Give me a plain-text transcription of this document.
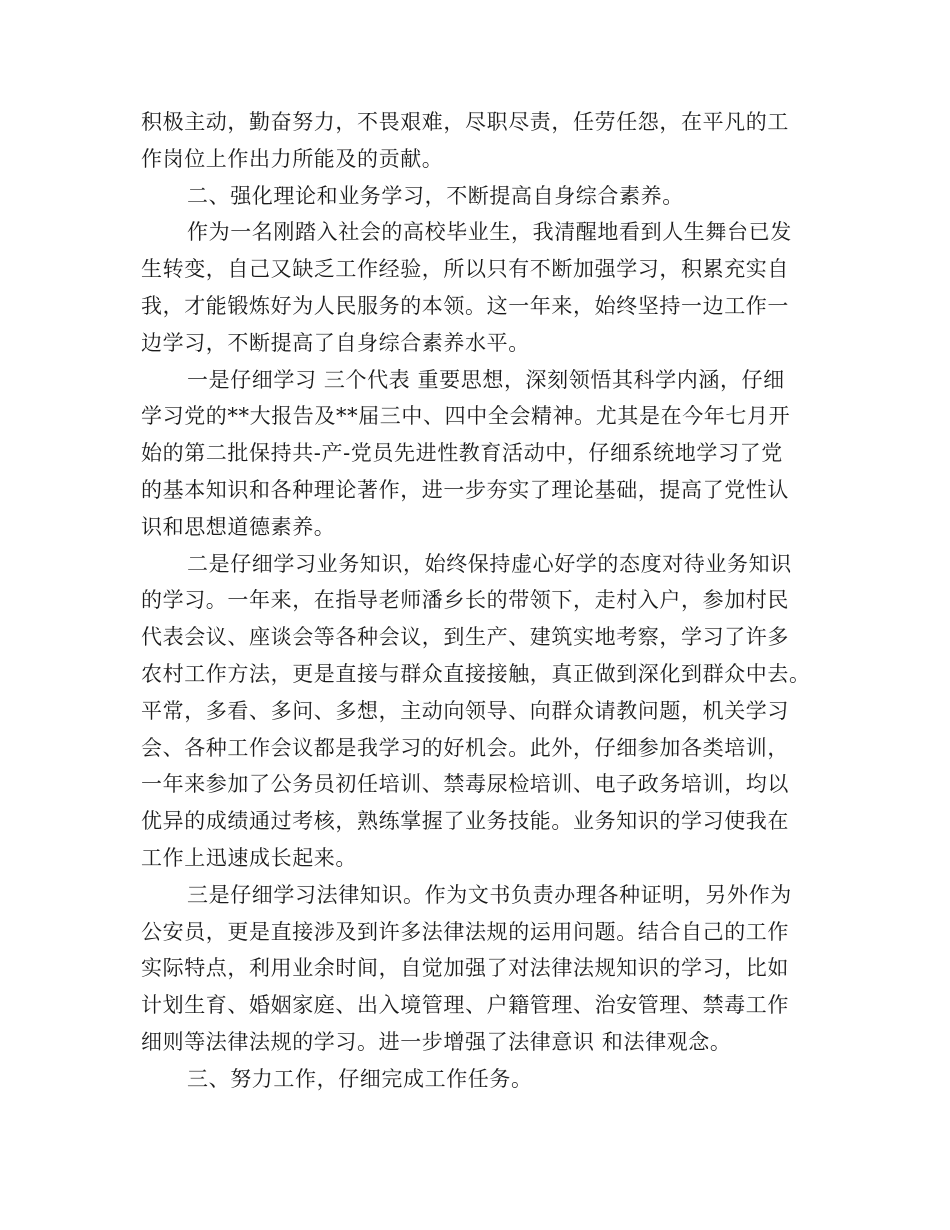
积极主动，勤奋努力，不畏艰难，尽职尽责，任劳任怨，在平凡的工
作岗位上作出力所能及的贡献。
二、强化理论和业务学习，不断提高自身综合素养。
作为一名刚踏入社会的高校毕业生，我清醒地看到人生舞台已发
生转变，自己又缺乏工作经验，所以只有不断加强学习，积累充实自
我，才能锻炼好为人民服务的本领。这一年来，始终坚持一边工作一
边学习，不断提高了自身综合素养水平。
一是仔细学习 三个代表 重要思想，深刻领悟其科学内涵，仔细
学习党的**大报告及**届三中、四中全会精神。尤其是在今年七月开
始的第二批保持共-产-党员先进性教育活动中，仔细系统地学习了党
的基本知识和各种理论著作，进一步夯实了理论基础，提高了党性认
识和思想道德素养。
二是仔细学习业务知识，始终保持虚心好学的态度对待业务知识
的学习。一年来，在指导老师潘乡长的带领下，走村入户，参加村民
代表会议、座谈会等各种会议，到生产、建筑实地考察，学习了许多
农村工作方法，更是直接与群众直接接触，真正做到深化到群众中去。
平常，多看、多问、多想，主动向领导、向群众请教问题，机关学习
会、各种工作会议都是我学习的好机会。此外，仔细参加各类培训，
一年来参加了公务员初任培训、禁毒尿检培训、电子政务培训，均以
优异的成绩通过考核，熟练掌握了业务技能。业务知识的学习使我在
工作上迅速成长起来。
三是仔细学习法律知识。作为文书负责办理各种证明，另外作为
公安员，更是直接涉及到许多法律法规的运用问题。结合自己的工作
实际特点，利用业余时间，自觉加强了对法律法规知识的学习，比如
计划生育、婚姻家庭、出入境管理、户籍管理、治安管理、禁毒工作
细则等法律法规的学习。进一步增强了法律意识 和法律观念。
三、努力工作，仔细完成工作任务。
